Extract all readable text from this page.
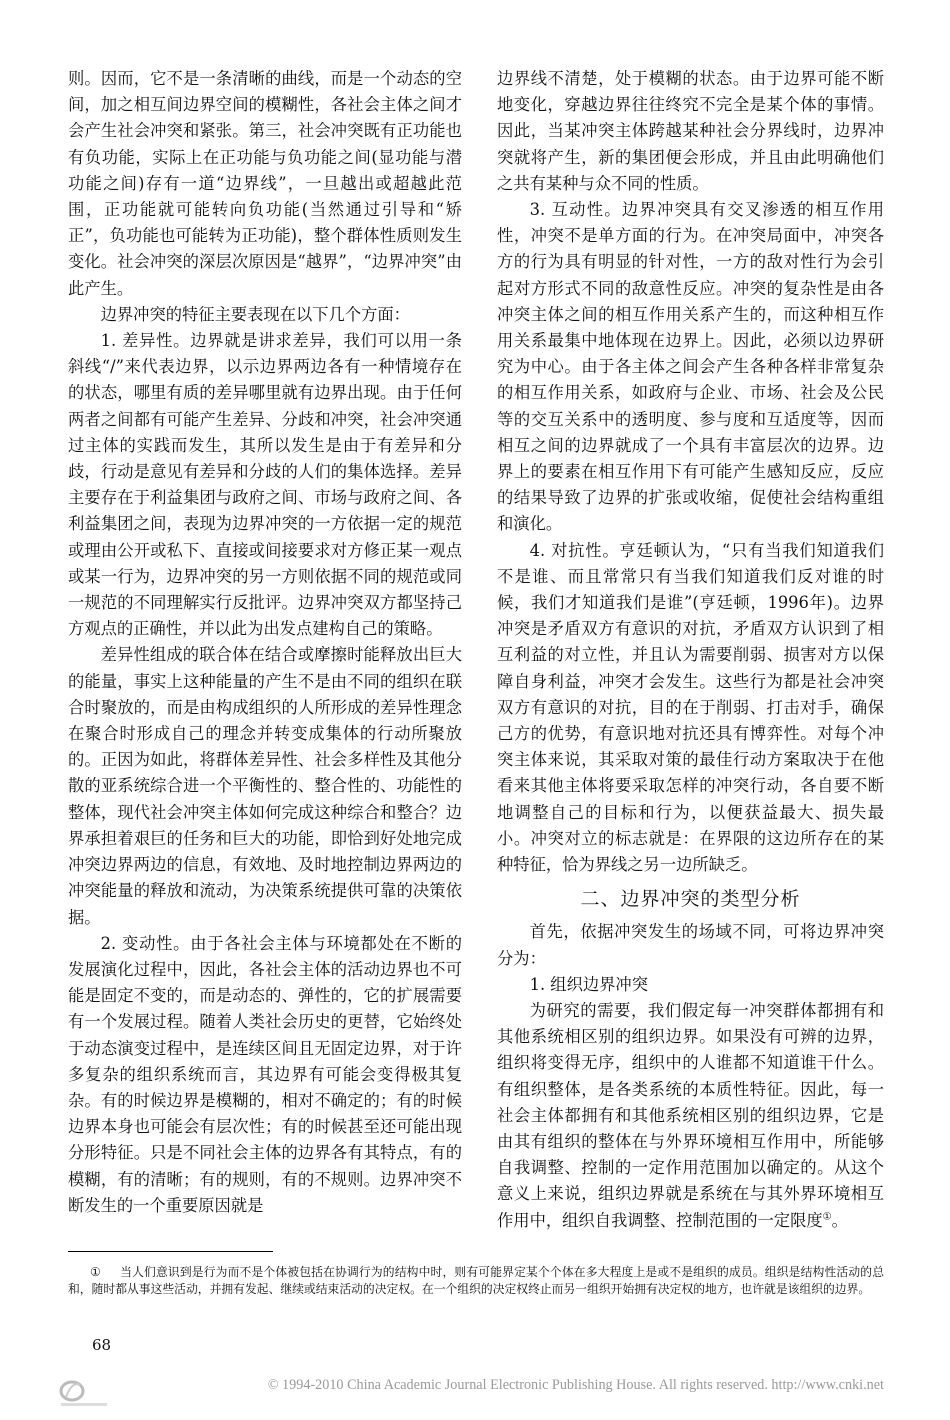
则。因而，它不是一条清晰的曲线，而是一个动态的空间，加之相互间边界空间的模糊性，各社会主体之间才会产生社会冲突和紧张。第三，社会冲突既有正功能也有负功能，实际上在正功能与负功能之间(显功能与潜功能之间)存有一道“边界线”，一旦越出或超越此范围，正功能就可能转向负功能(当然通过引导和“矫正”，负功能也可能转为正功能)，整个群体性质则发生变化。社会冲突的深层次原因是“越界”，“边界冲突”由此产生。

边界冲突的特征主要表现在以下几个方面：

1. 差异性。边界就是讲求差异，我们可以用一条斜线“/”来代表边界，以示边界两边各有一种情境存在的状态，哪里有质的差异哪里就有边界出现。由于任何两者之间都有可能产生差异、分歧和冲突，社会冲突通过主体的实践而发生，其所以发生是由于有差异和分歧，行动是意见有差异和分歧的人们的集体选择。差异主要存在于利益集团与政府之间、市场与政府之间、各利益集团之间，表现为边界冲突的一方依据一定的规范或理由公开或私下、直接或间接要求对方修正某一观点或某一行为，边界冲突的另一方则依据不同的规范或同一规范的不同理解实行反批评。边界冲突双方都坚持己方观点的正确性，并以此为出发点建构自己的策略。

差异性组成的联合体在结合或摩擦时能释放出巨大的能量，事实上这种能量的产生不是由不同的组织在联合时聚放的，而是由构成组织的人所形成的差异性理念在聚合时形成自己的理念并转变成集体的行动所聚放的。正因为如此，将群体差异性、社会多样性及其他分散的亚系统综合进一个平衡性的、整合性的、功能性的整体，现代社会冲突主体如何完成这种综合和整合？边界承担着艰巨的任务和巨大的功能，即恰到好处地完成冲突边界两边的信息，有效地、及时地控制边界两边的冲突能量的释放和流动，为决策系统提供可靠的决策依据。

2. 变动性。由于各社会主体与环境都处在不断的发展演化过程中，因此，各社会主体的活动边界也不可能是固定不变的，而是动态的、弹性的，它的扩展需要有一个发展过程。随着人类社会历史的更替，它始终处于动态演变过程中，是连续区间且无固定边界，对于许多复杂的组织系统而言，其边界有可能会变得极其复杂。有的时候边界是模糊的，相对不确定的；有的时候边界本身也可能会有层次性；有的时候甚至还可能出现分形特征。只是不同社会主体的边界各有其特点，有的模糊，有的清晰；有的规则，有的不规则。边界冲突不断发生的一个重要原因就是

边界线不清楚，处于模糊的状态。由于边界可能不断地变化，穿越边界往往终究不完全是某个体的事情。因此，当某冲突主体跨越某种社会分界线时，边界冲突就将产生，新的集团便会形成，并且由此明确他们之共有某种与众不同的性质。

3. 互动性。边界冲突具有交叉渗透的相互作用性，冲突不是单方面的行为。在冲突局面中，冲突各方的行为具有明显的针对性，一方的敌对性行为会引起对方形式不同的敌意性反应。冲突的复杂性是由各冲突主体之间的相互作用关系产生的，而这种相互作用关系最集中地体现在边界上。因此，必须以边界研究为中心。由于各主体之间会产生各种各样非常复杂的相互作用关系，如政府与企业、市场、社会及公民等的交互关系中的透明度、参与度和互适度等，因而相互之间的边界就成了一个具有丰富层次的边界。边界上的要素在相互作用下有可能产生感知反应，反应的结果导致了边界的扩张或收缩，促使社会结构重组和演化。

4. 对抗性。亨廷顿认为，“只有当我们知道我们不是谁、而且常常只有当我们知道我们反对谁的时候，我们才知道我们是谁”(亨廷顿，1996年)。边界冲突是矛盾双方有意识的对抗，矛盾双方认识到了相互利益的对立性，并且认为需要削弱、损害对方以保障自身利益，冲突才会发生。这些行为都是社会冲突双方有意识的对抗，目的在于削弱、打击对手，确保己方的优势，有意识地对抗还具有博弈性。对每个冲突主体来说，其采取对策的最佳行动方案取决于在他看来其他主体将要采取怎样的冲突行动，各自要不断地调整自己的目标和行为，以便获益最大、损失最小。冲突对立的标志就是：在界限的这边所存在的某种特征，恰为界线之另一边所缺乏。

二、边界冲突的类型分析

首先，依据冲突发生的场域不同，可将边界冲突分为：

1. 组织边界冲突

为研究的需要，我们假定每一冲突群体都拥有和其他系统相区别的组织边界。如果没有可辨的边界，组织将变得无序，组织中的人谁都不知道谁干什么。有组织整体，是各类系统的本质性特征。因此，每一社会主体都拥有和其他系统相区别的组织边界，它是由其有组织的整体在与外界环境相互作用中，所能够自我调整、控制的一定作用范围加以确定的。从这个意义上来说，组织边界就是系统在与其外界环境相互作用中，组织自我调整、控制范围的一定限度①。

① 当人们意识到是行为而不是个体被包括在协调行为的结构中时，则有可能界定某个个体在多大程度上是或不是组织的成员。组织是结构性活动的总和，随时都从事这些活动，并拥有发起、继续或结束活动的决定权。在一个组织的决定权终止而另一组织开始拥有决定权的地方，也许就是该组织的边界。

68
© 1994-2010 China Academic Journal Electronic Publishing House. All rights reserved. http://www.cnki.net
